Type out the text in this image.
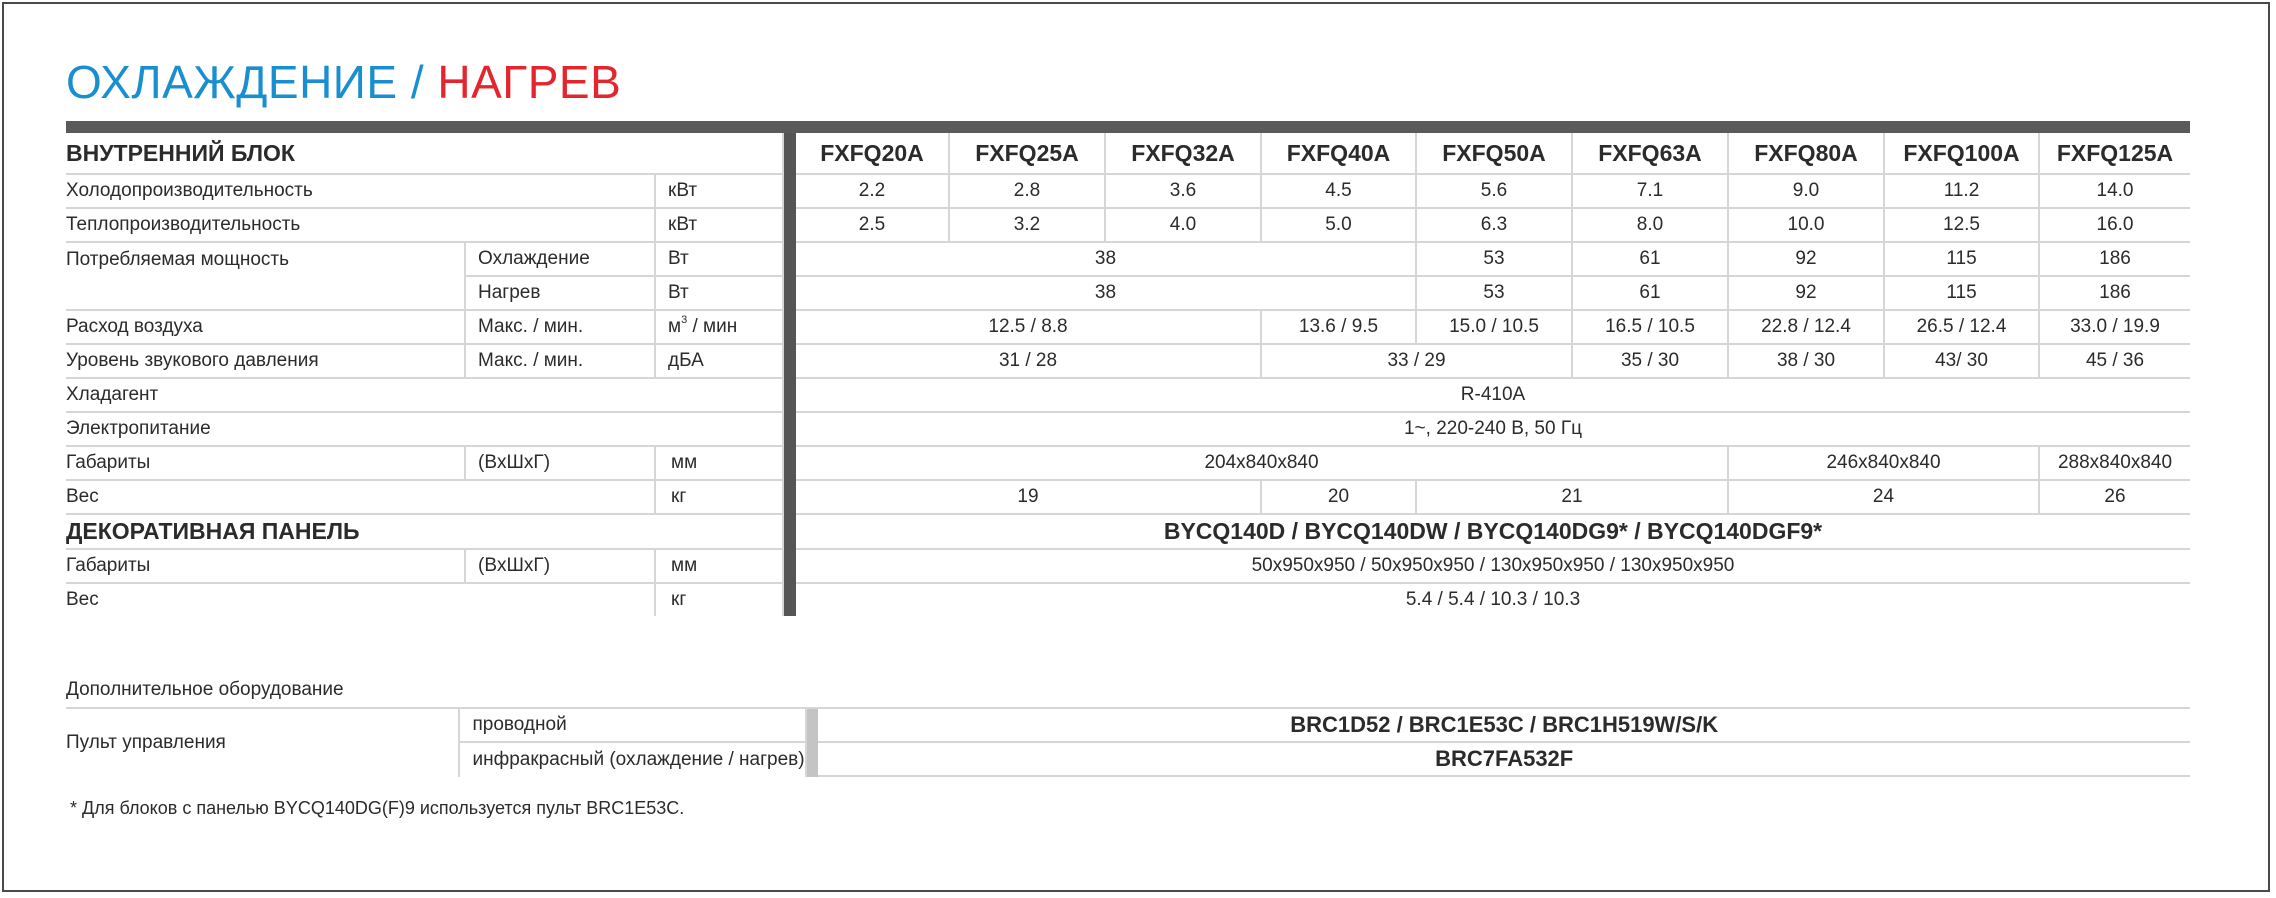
ОХЛАЖДЕНИЕ / НАГРЕВ

ВНУТРЕННИЙ БЛОК				FXFQ20A	FXFQ25A	FXFQ32A	FXFQ40A	FXFQ50A	FXFQ63A	FXFQ80A	FXFQ100A	FXFQ125A
Холодопроизводительность		кВт		2.2	2.8	3.6	4.5	5.6	7.1	9.0	11.2	14.0
Теплопроизводительность		кВт		2.5	3.2	4.0	5.0	6.3	8.0	10.0	12.5	16.0
Потребляемая мощность	Охлаждение	Вт		38				53	61	92	115	186
	Нагрев	Вт		38				53	61	92	115	186
Расход воздуха	Макс. / мин.	$м^3$ / мин		12.5 / 8.8			13.6 / 9.5	15.0 / 10.5	16.5 / 10.5	22.8 / 12.4	26.5 / 12.4	33.0 / 19.9
Уровень звукового давления	Макс. / мин.	дБА		31 / 28			33 / 29		35 / 30	38 / 30	43/ 30	45 / 36
Хладагент				R-410A								
Электропитание				1~, 220-240 В, 50 Гц								
Габариты	(ВxШxГ)	мм		204x840x840						246x840x840		288x840x840
Вес		кг		19			20	21		24		26
ДЕКОРАТИВНАЯ ПАНЕЛЬ				BYCQ140D / BYCQ140DW / BYCQ140DG9* / BYCQ140DGF9*								
Габариты	(ВxШxГ)	мм		50x950x950 / 50x950x950 / 130x950x950 / 130x950x950								
Вес		кг		5.4 / 5.4 / 10.3 / 10.3								
Дополнительное оборудование			
Пульт управления	проводной		BRC1D52 / BRC1E53C / BRC1H519W/S/K
	инфракрасный (охлаждение / нагрев)		BRC7FA532F
* Для блоков с панелью BYCQ140DG(F)9 используется пульт BRC1E53C.
